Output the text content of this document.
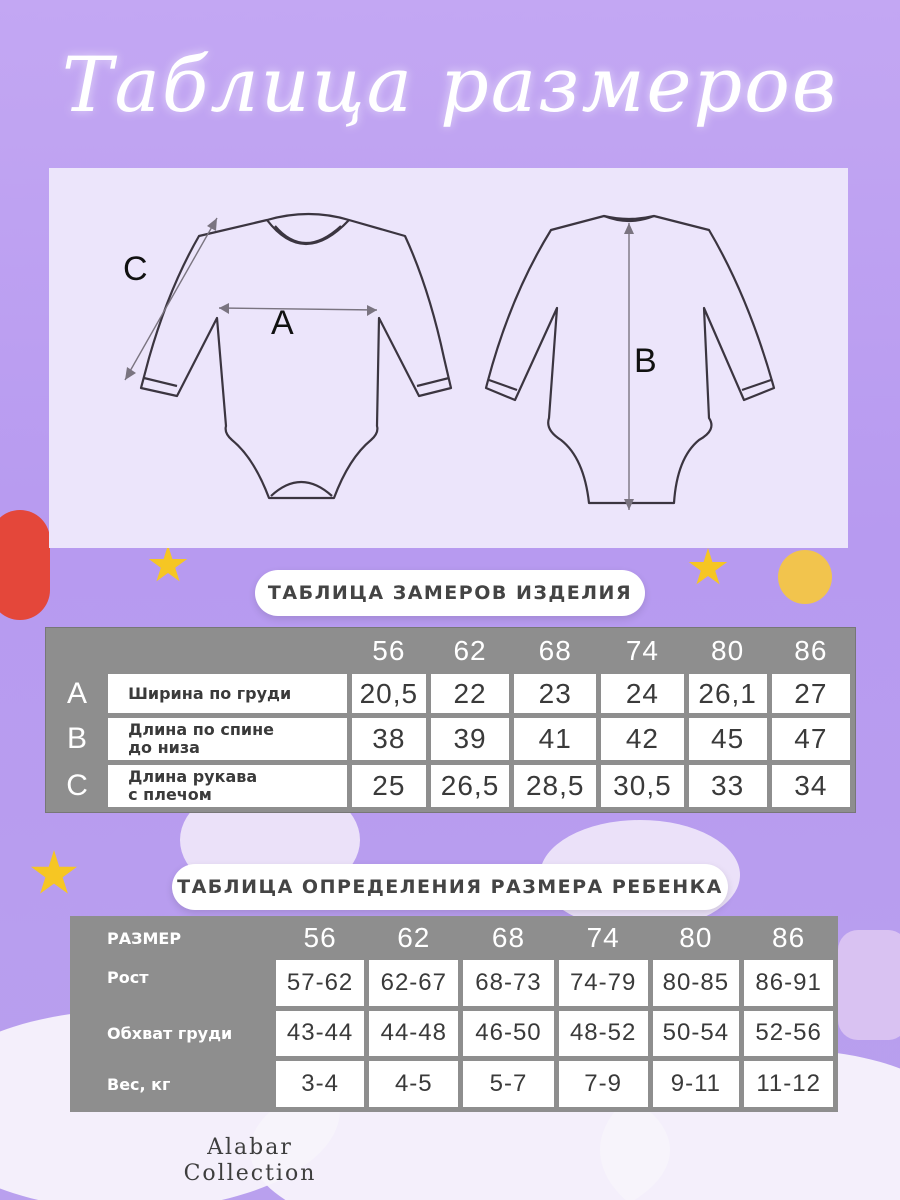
Таблица размеров
A
B
C
ТАБЛИЦА ЗАМЕРОВ ИЗДЕЛИЯ
		56	62	68	74	80	86
A	Ширина по груди	20,5	22	23	24	26,1	27
B	Длина по спине
до низа	38	39	41	42	45	47
C	Длина рукава
с плечом	25	26,5	28,5	30,5	33	34
ТАБЛИЦА ОПРЕДЕЛЕНИЯ РАЗМЕРА РЕБЕНКА
РАЗМЕР	56	62	68	74	80	86
Рост	57-62	62-67	68-73	74-79	80-85	86-91
Обхват груди	43-44	44-48	46-50	48-52	50-54	52-56
Вес, кг	3-4	4-5	5-7	7-9	9-11	11-12
Alabar
Collection
